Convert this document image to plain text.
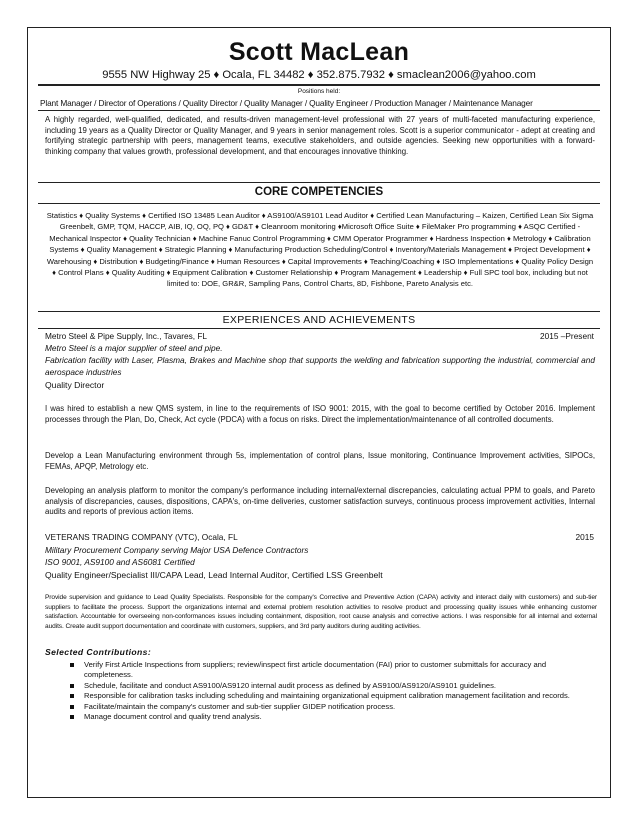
Scott MacLean
9555 NW Highway 25 ♦ Ocala, FL 34482 ♦ 352.875.7932 ♦ smaclean2006@yahoo.com
Positions held:
Plant Manager / Director of Operations / Quality Director / Quality Manager / Quality Engineer / Production Manager / Maintenance Manager
A highly regarded, well-qualified, dedicated, and results-driven management-level professional with 27 years of multi-faceted manufacturing experience, including 19 years as a Quality Director or Quality Manager, and 9 years in senior management roles. Scott is a superior communicator - adept at creating and fortifying strategic partnership with peers, management teams, executive stakeholders, and outside agencies. Seeking new opportunities with a forward-thinking company that values growth, professional development, and that encourages innovative thinking.
CORE COMPETENCIES
Statistics ♦ Quality Systems ♦ Certified ISO 13485 Lean Auditor ♦ AS9100/AS9101 Lead Auditor ♦ Certified Lean Manufacturing – Kaizen, Certified Lean Six Sigma Greenbelt, GMP, TQM, HACCP, AIB, IQ, OQ, PQ ♦ GD&T ♦ Cleanroom monitoring ♦Microsoft Office Suite ♦ FileMaker Pro programming ♦ ASQC Certified - Mechanical Inspector ♦ Quality Technician ♦ Machine Fanuc Control Programming ♦ CMM Operator Programmer ♦ Hardness Inspection ♦ Metrology ♦ Calibration Systems ♦ Quality Management ♦ Strategic Planning ♦ Manufacturing Production Scheduling/Control ♦ Inventory/Materials Management ♦ Project Development ♦ Warehousing ♦ Distribution ♦ Budgeting/Finance ♦ Human Resources ♦ Capital Improvements ♦ Teaching/Coaching ♦ ISO Implementations ♦ Quality Policy Design ♦ Control Plans ♦ Quality Auditing ♦ Equipment Calibration ♦ Customer Relationship ♦ Program Management ♦ Leadership ♦ Full SPC tool box, including but not limited to: DOE, GR&R, Sampling Pans, Control Charts, 8D, Fishbone, Pareto Analysis etc.
EXPERIENCES AND ACHIEVEMENTS
Metro Steel & Pipe Supply, Inc., Tavares, FL	2015 –Present
Metro Steel is a major supplier of steel and pipe.
Fabrication facility with Laser, Plasma, Brakes and Machine shop that supports the welding and fabrication supporting the industrial, commercial and aerospace industries
Quality Director
I was hired to establish a new QMS system, in line to the requirements of ISO 9001: 2015, with the goal to become certified by October 2016. Implement processes through the Plan, Do, Check, Act cycle (PDCA) with a focus on risks. Direct the implementation/maintenance of all controlled documents.
Develop a Lean Manufacturing environment through 5s, implementation of control plans, Issue monitoring, Continuance Improvement activities, SIPOCs, FEMAs, APQP, Metrology etc.
Developing an analysis platform to monitor the company's performance including internal/external discrepancies, calculating actual PPM to goals, and Pareto analysis of discrepancies, causes, dispositions, CAPA's, on-time deliveries, customer satisfaction surveys, continuous process improvement activities, Internal audits and reports of previous action items.
VETERANS TRADING COMPANY (VTC), Ocala, FL	2015
Military Procurement Company serving Major USA Defence Contractors
ISO 9001, AS9100 and AS6081 Certified
Quality Engineer/Specialist III/CAPA Lead, Lead Internal Auditor, Certified LSS Greenbelt
Provide supervision and guidance to Lead Quality Specialists. Responsible for the company's Corrective and Preventive Action (CAPA) activity and interact daily with customers) and sub-tier suppliers to facilitate the process. Support the organizations internal and external problem resolution activities to resolve product and processing quality issues while enhancing customer satisfaction. Accountable for overseeing non-conformances issues including containment, disposition, root cause analysis and corrective actions. I was responsible for all internal and external audits. Create audit support documentation and coordinate with customers, suppliers, and 3rd party auditors during auditing activities.
Selected Contributions:
Verify First Article Inspections from suppliers; review/inspect first article documentation (FAI) prior to customer submittals for accuracy and completeness.
Schedule, facilitate and conduct AS9100/AS9120 internal audit process as defined by AS9100/AS9120/AS9101 guidelines.
Responsible for calibration tasks including scheduling and maintaining organizational equipment calibration management facilitation and records.
Facilitate/maintain the company's customer and sub-tier supplier GIDEP notification process.
Manage document control and quality trend analysis.
